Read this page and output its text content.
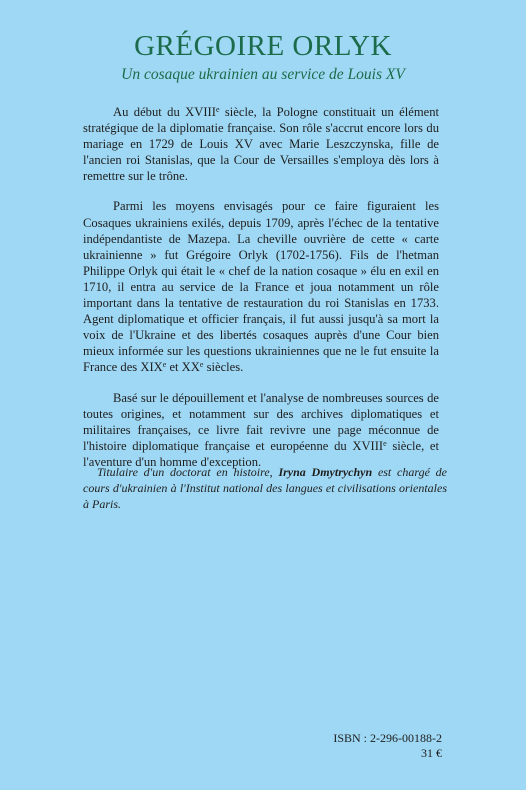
GRÉGOIRE ORLYK
Un cosaque ukrainien au service de Louis XV

Au début du XVIIIe siècle, la Pologne constituait un élément stratégique de la diplomatie française. Son rôle s'accrut encore lors du mariage en 1729 de Louis XV avec Marie Leszczynska, fille de l'ancien roi Stanislas, que la Cour de Versailles s'employa dès lors à remettre sur le trône.

Parmi les moyens envisagés pour ce faire figuraient les Cosaques ukrainiens exilés, depuis 1709, après l'échec de la tentative indépendantiste de Mazepa. La cheville ouvrière de cette « carte ukrainienne » fut Grégoire Orlyk (1702-1756). Fils de l'hetman Philippe Orlyk qui était le « chef de la nation cosaque » élu en exil en 1710, il entra au service de la France et joua notamment un rôle important dans la tentative de restauration du roi Stanislas en 1733. Agent diplomatique et officier français, il fut aussi jusqu'à sa mort la voix de l'Ukraine et des libertés cosaques auprès d'une Cour bien mieux informée sur les questions ukrainiennes que ne le fut ensuite la France des XIXe et XXe siècles.

Basé sur le dépouillement et l'analyse de nombreuses sources de toutes origines, et notamment sur des archives diplomatiques et militaires françaises, ce livre fait revivre une page méconnue de l'histoire diplomatique française et européenne du XVIIIe siècle, et l'aventure d'un homme d'exception.

Titulaire d'un doctorat en histoire, Iryna Dmytrychyn est chargé de cours d'ukrainien à l'Institut national des langues et civilisations orientales à Paris.
ISBN : 2-296-00188-2
31 €
